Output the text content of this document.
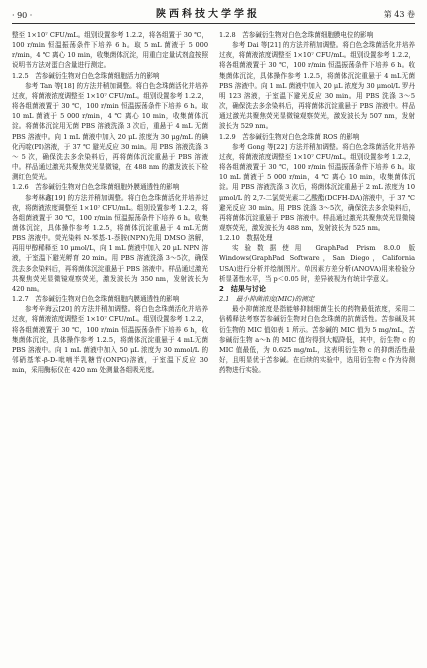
· 90 ·	陕西科技大学学报	第 43 卷

整至 1×10⁷ CFU/mL。组别设置参考 1.2.2，将各组置于 30 ℃，100 r/min 恒温振荡条件下培养 6 h。取 5 mL 菌液于 5 000 r/min，4 ℃ 离心 10 min，收集菌体沉淀，用重白定量试剂盒按照说明书方法对蛋白含量进行测定。

1.2.5　苦参碱衍生物对白色念珠菌细胞活力的影响

参考 Tan 等[18] 的方法并稍加调整。将白色念珠菌活化并培养过夜，将菌液浓度调整至 1×10⁷ CFU/mL。组别设置参考 1.2.2，将各组菌液置于 30 ℃，100 r/min 恒温振荡条件下培养 6 h。取 10 mL 菌液于 5 000 r/min，4 ℃ 离心 10 min，收集菌体沉淀。将菌体沉淀用无菌 PBS 溶液洗涤 3 次后，重悬于 4 mL 无菌 PBS 溶液中。向 1 mL 菌液中加入 20 μL 浓度为 30 μg/mL 的碘化丙啶(PI)溶液，于 37 ℃ 避光反应 30 min。用 PBS 溶液洗涤 3 ～ 5 次，确保洗去多余染料后，再将菌体沉淀重悬于 PBS 溶液中。样品通过激光共聚焦荧光显微镜，在 488 nm 的激发波长下检测红色荧光。

1.2.6　苦参碱衍生物对白色念珠菌细胞外膜通透性的影响

参考林鑫[19] 的方法并稍加调整。将白色念珠菌活化并培养过夜，将菌液浓度调整至 1×10⁷ CFU/mL。组别设置参考 1.2.2，将各组菌液置于 30 ℃，100 r/min 恒温振荡条件下培养 6 h。收集菌体沉淀，具体操作参考 1.2.5，将菌体沉淀重悬于 4 mL无菌 PBS 溶液中。荧光染料 N-苯基-1-萘胺(NPN)先用 DMSO 溶解，再用甲醇稀释至 10 μmol/L，向 1 mL 菌液中加入 20 μL NPN 溶液，于室温下避光孵育 20 min。用 PBS 溶液洗涤 3～5次，确保洗去多余染料后，再将菌体沉淀重悬于 PBS 溶液中。样品通过激光共聚焦荧光显微镜观察荧光，激发波长为 350 nm，发射波长为 420 nm。

1.2.7　苦参碱衍生物对白色念珠菌细胞内膜通透性的影响

参考辛海云[20] 的方法并稍加调整。将白色念珠菌活化并培养过夜，将菌液浓度调整至 1×10⁷ CFU/mL。组别设置参考 1.2.2，将各组菌液置于 30 ℃，100 r/min 恒温振荡条件下培养 6 h，收集菌体沉淀，具体操作参考 1.2.5，将菌体沉淀重悬于 4 mL无菌 PBS 溶液中。向 1 mL 菌液中加入 50 μL 浓度为 30 mmol/L 的邻硝基苯-β-D-吡喃半乳糖苷(ONPG)溶液，于室温下反应 30 min，采用酶标仪在 420 nm 处测量各组吸光度。

1.2.8　苦参碱衍生物对白色念珠菌细胞膜电位的影响

参考 Dai 等[21] 的方法并稍加调整。将白色念珠菌活化并培养过夜，将菌液浓度调整至 1×10⁷ CFU/mL。组别设置参考 1.2.2，将各组菌液置于 30 ℃，100 r/min 恒温振荡条件下培养 6 h。收集菌体沉淀，具体操作参考 1.2.5，将菌体沉淀重悬于 4 mL无菌 PBS 溶液中。向 1 mL 菌液中加入 20 μL 浓度为 30 μmol/L 罗丹明 123 溶液，于室温下避光反应 30 min。用 PBS 洗涤 3～5 次，确保洗去多余染料后，再将菌体沉淀重悬于 PBS 溶液中。样品通过激光共聚焦荧光显微镜观察荧光，激发波长为 507 nm，发射波长为 529 nm。

1.2.9　苦参碱衍生物对白色念珠菌 ROS 的影响

参考 Gong 等[22] 方法并稍加调整。将白色念珠菌活化并培养过夜，将菌液浓度调整至 1×10⁷ CFU/mL。组别设置参考 1.2.2，将各组菌液置于 30 ℃，100 r/min 恒温振荡条件下培养 6 h。取 10 mL 菌液于 5 000 r/min，4 ℃ 离心 10 min，收集菌体沉淀。用 PBS 溶液洗涤 3 次后，将菌体沉淀重悬于 2 mL 浓度为 10 μmol/L 的 2,7-二氯荧光素二乙酸酯(DCFH-DA)溶液中，于 37 ℃ 避光反应 30 min。用 PBS 洗涤 3～5次，确保洗去多余染料后，再将菌体沉淀重悬于 PBS 溶液中。样品通过激光共聚焦荧光显微镜观察荧光，激发波长为 488 nm，发射波长为 525 nm。

1.2.10　数据处理

实验数据使用 GraphPad Prism 8.0.0 版 Windows(GraphPad Software，San Diego，California USA)进行分析并绘制图片。单因素方差分析(ANOVA)用来检验分析显著性水平，当 p＜0.05 时，差异被视为有统计学意义。

2　结果与讨论

2.1　最小抑菌浓度(MIC)的测定

最小抑菌浓度是指能够抑制细菌生长的药物最低浓度，采用二倍稀释法考察苦参碱衍生物对白色念珠菌的抗菌活性。苦参碱及其衍生物的 MIC 值如表 1 所示。苦参碱的 MIC 值为 5 mg/mL，苦参碱衍生物 a～h 的 MIC 值均得到大幅降低，其中，衍生物 c 的 MIC 值最低，为 0.625 mg/mL，这表明衍生物 c 的抑菌活性最好，且明显优于苦参碱。在后续的实验中，选用衍生物 c 作为待测药物进行实验。
